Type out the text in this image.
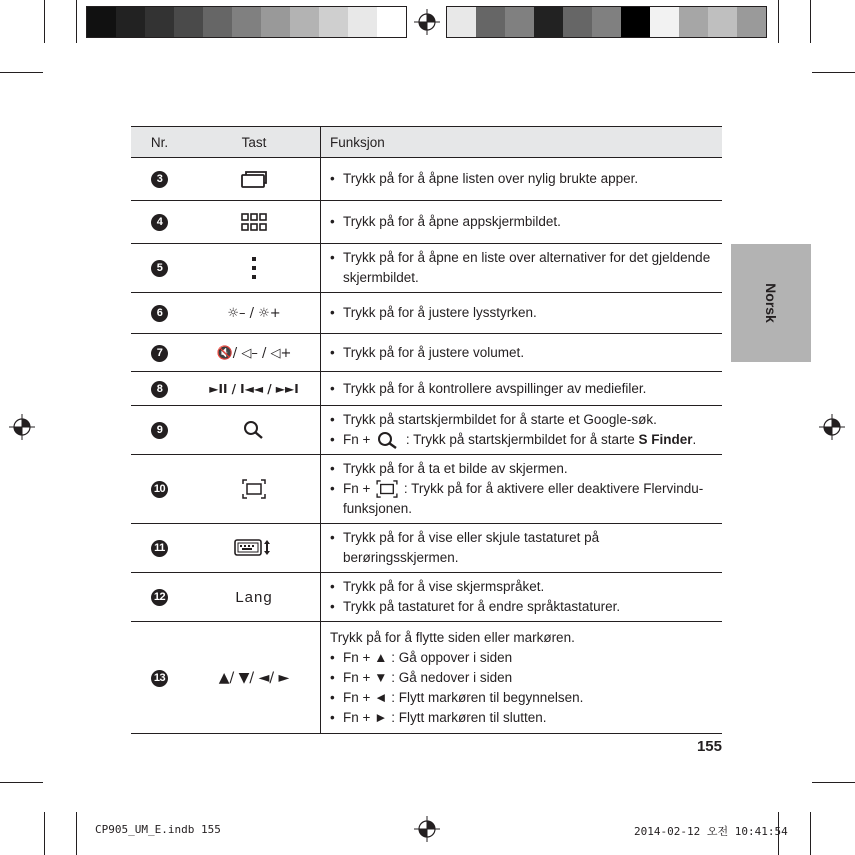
Norsk
Nr.	Tast	Funksjon
3		• Trykk på for å åpne listen over nylig brukte apper.

4		• Trykk på for å åpne appskjermbildet.

5		• Trykk på for å åpne en liste over alternativer for det gjeldende skjermbildet.

6	☼– / ☼+	• Trykk på for å justere lysstyrken.

7	🔇/ ◁– / ◁+	• Trykk på for å justere volumet.

8	►II / I◄◄ / ►►I	• Trykk på for å kontrollere avspillinger av mediefiler.

9		• Trykk på startskjermbildet for å starte et Google-søk.
• Fn +  : Trykk på startskjermbildet for å starte S Finder.

10		• Trykk på for å ta et bilde av skjermen.
• Fn +  : Trykk på for å aktivere eller deaktivere Flervindu-funksjonen.

11		• Trykk på for å vise eller skjule tastaturet på berøringsskjermen.

12	Lang	• Trykk på for å vise skjermspråket.
• Trykk på tastaturet for å endre språktastaturer.

13	▲/ ▼/ ◄/ ►	Trykk på for å flytte siden eller markøren.
• Fn + ▲ : Gå oppover i siden
• Fn + ▼ : Gå nedover i siden
• Fn + ◄ : Flytt markøren til begynnelsen.
• Fn + ► : Flytt markøren til slutten.
155
CP905_UM_E.indb 155	2014-02-12 오전 10:41:54
